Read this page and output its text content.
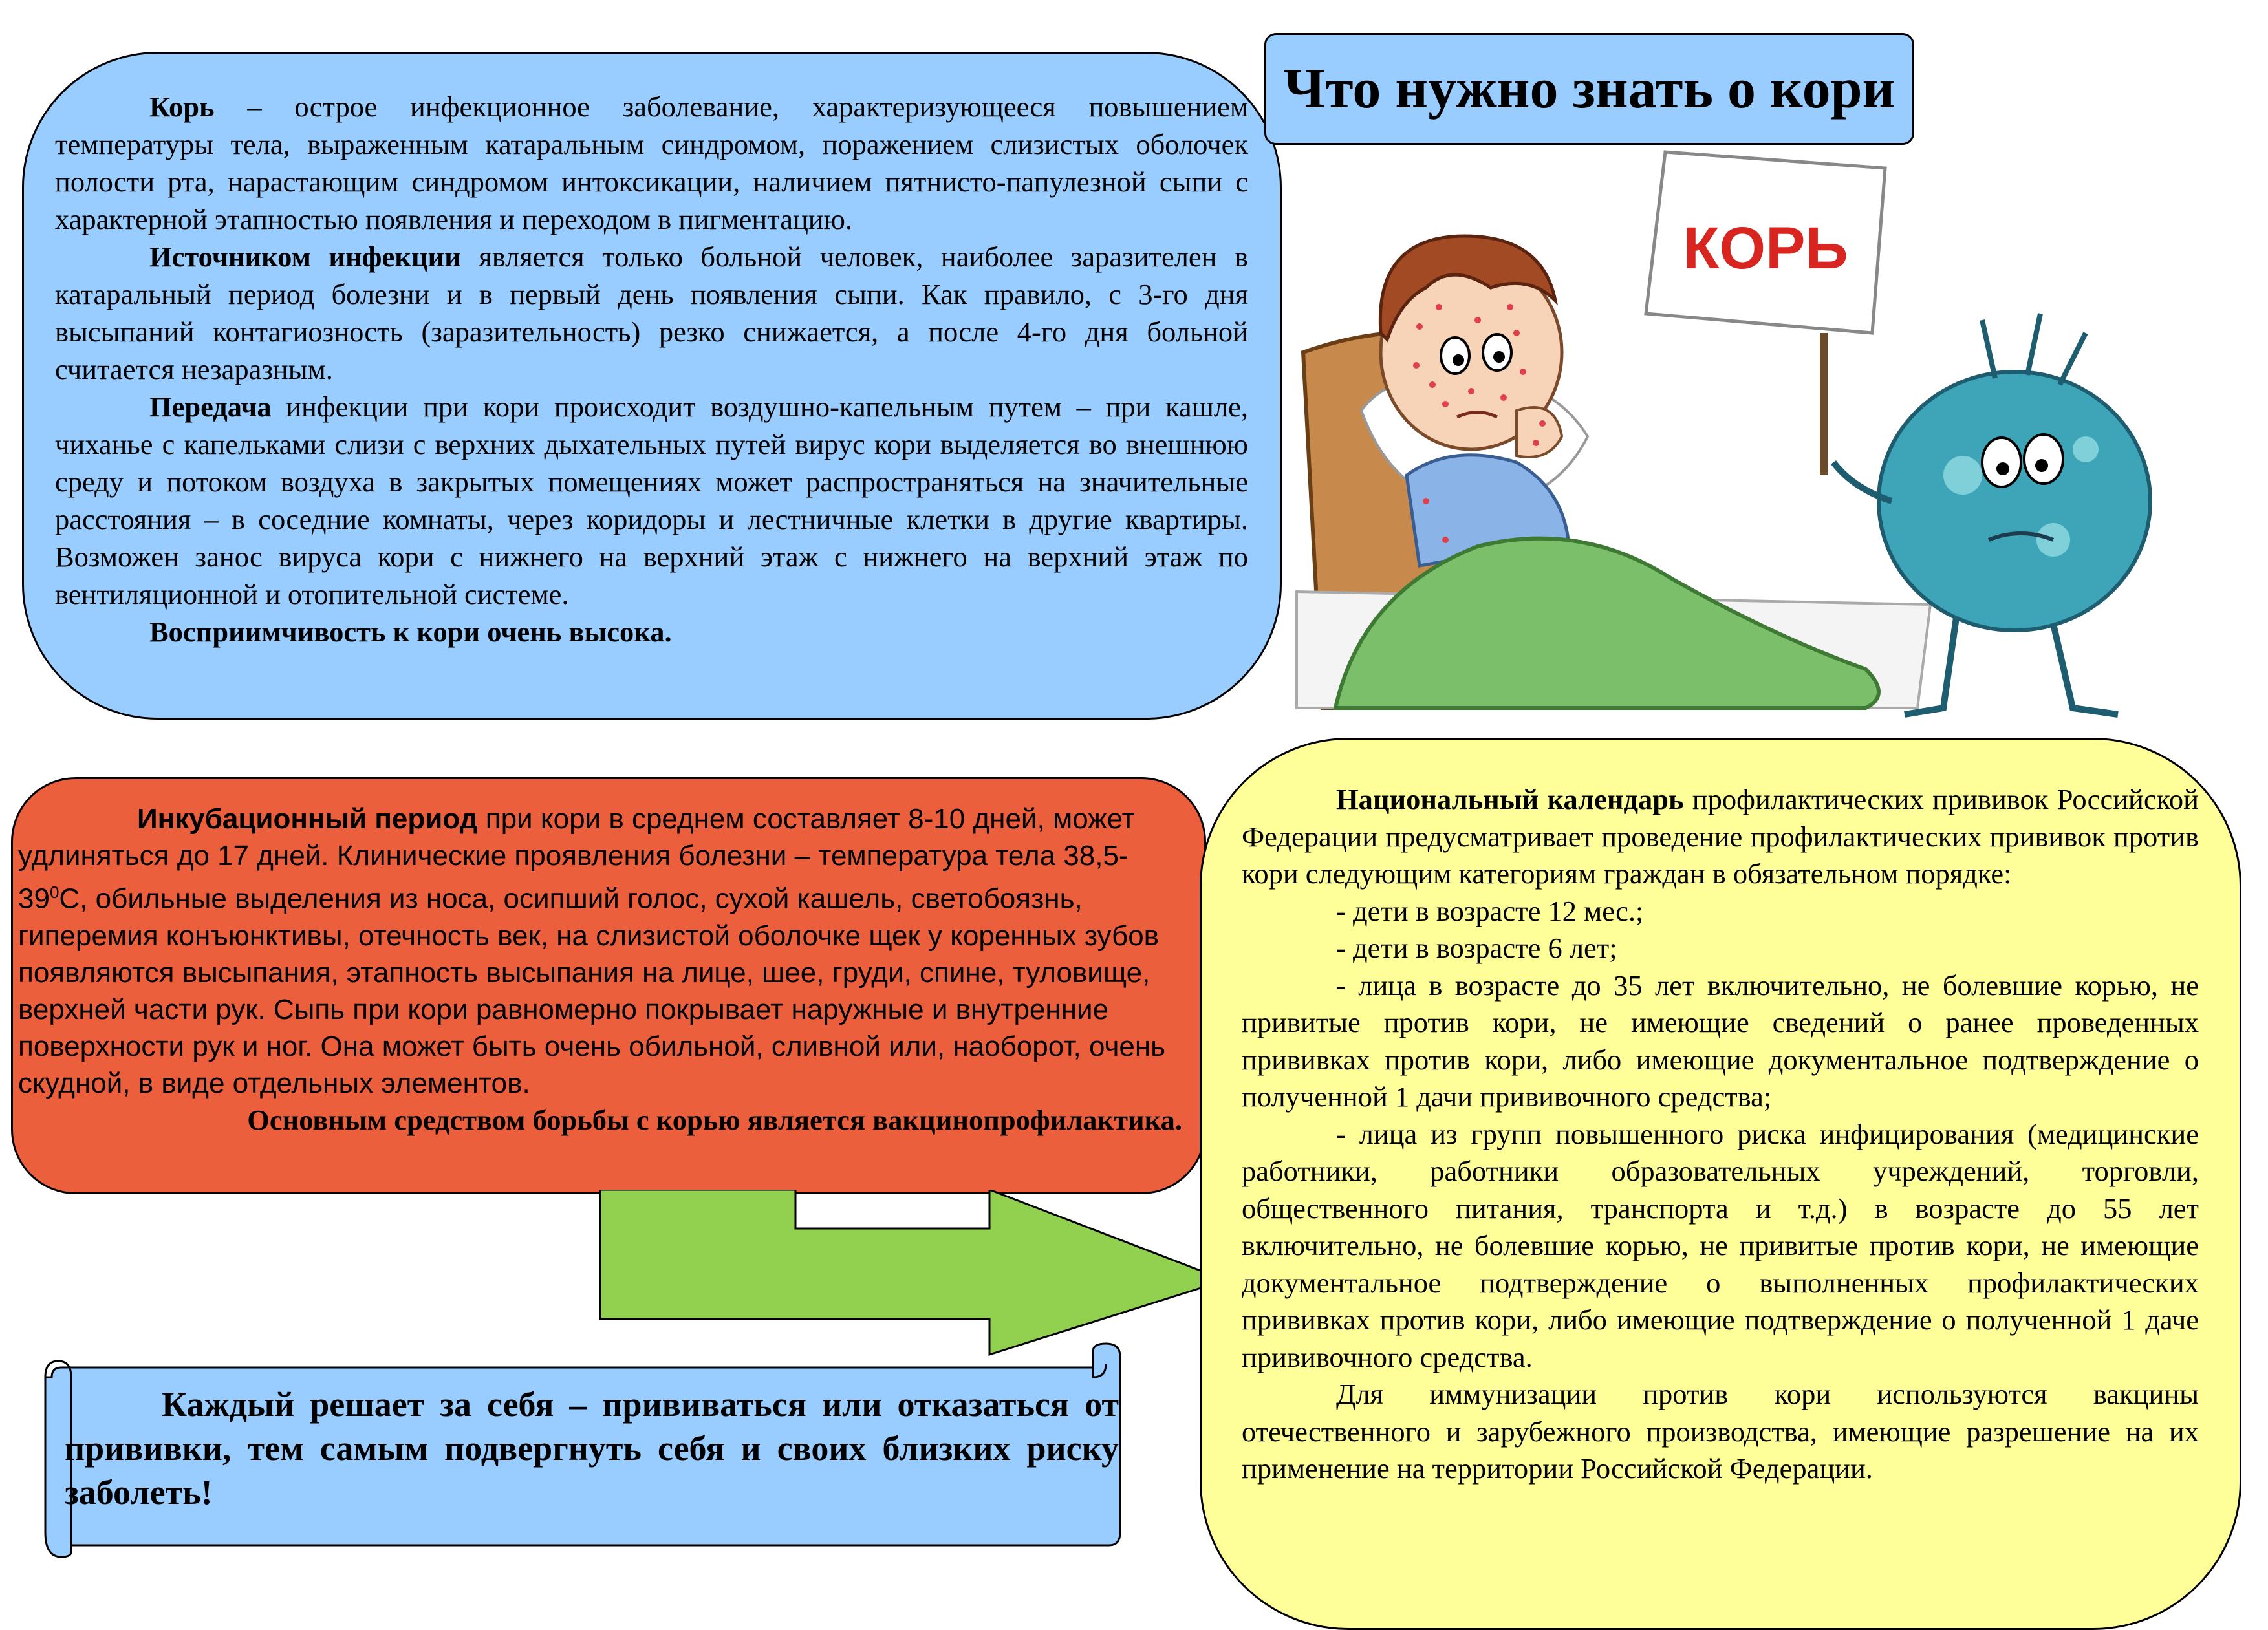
Корь – острое инфекционное заболевание, характеризующееся повышением температуры тела, выраженным катаральным синдромом, поражением слизистых оболочек полости рта, нарастающим синдромом интоксикации, наличием пятнисто-папулезной сыпи с характерной этапностью появления и переходом в пигментацию.

Источником инфекции является только больной человек, наиболее заразителен в катаральный период болезни и в первый день появления сыпи. Как правило, с 3-го дня высыпаний контагиозность (заразительность) резко снижается, а после 4-го дня больной считается незаразным.

Передача инфекции при кори происходит воздушно-капельным путем – при кашле, чиханье с капельками слизи с верхних дыхательных путей вирус кори выделяется во внешнюю среду и потоком воздуха в закрытых помещениях может распространяться на значительные расстояния – в соседние комнаты, через коридоры и лестничные клетки в другие квартиры. Возможен занос вируса кори с нижнего на верхний этаж с нижнего на верхний этаж по вентиляционной и отопительной системе.

Восприимчивость к кори очень высока.

Что нужно знать о кори
КОРЬ

Инкубационный период при кори в среднем составляет 8-10 дней, может удлиняться до 17 дней. Клинические проявления болезни – температура тела $38,5-39^0С$, обильные выделения из носа, осипший голос, сухой кашель, светобоязнь, гиперемия конъюнктивы, отечность век, на слизистой оболочке щек у коренных зубов появляются высыпания, этапность высыпания на лице, шее, груди, спине, туловище, верхней части рук. Сыпь при кори равномерно покрывает наружные и внутренние поверхности рук и ног. Она может быть очень обильной, сливной или, наоборот, очень скудной, в виде отдельных элементов.

Основным средством борьбы с корью является вакцинопрофилактика.

Национальный календарь профилактических прививок Российской Федерации предусматривает проведение профилактических прививок против кори следующим категориям граждан в обязательном порядке:

- дети в возрасте 12 мес.;

- дети в возрасте 6 лет;

- лица в возрасте до 35 лет включительно, не болевшие корью, не привитые против кори, не имеющие сведений о ранее проведенных прививках против кори, либо имеющие документальное подтверждение о полученной 1 дачи прививочного средства;

- лица из групп повышенного риска инфицирования (медицинские работники, работники образовательных учреждений, торговли, общественного питания, транспорта и т.д.) в возрасте до 55 лет включительно, не болевшие корью, не привитые против кори, не имеющие документальное подтверждение о выполненных профилактических прививках против кори, либо имеющие подтверждение о полученной 1 даче прививочного средства.

Для иммунизации против кори используются вакцины отечественного и зарубежного производства, имеющие разрешение на их применение на территории Российской Федерации.

Каждый решает за себя – прививаться или отказаться от прививки, тем самым подвергнуть себя и своих близких риску заболеть!
